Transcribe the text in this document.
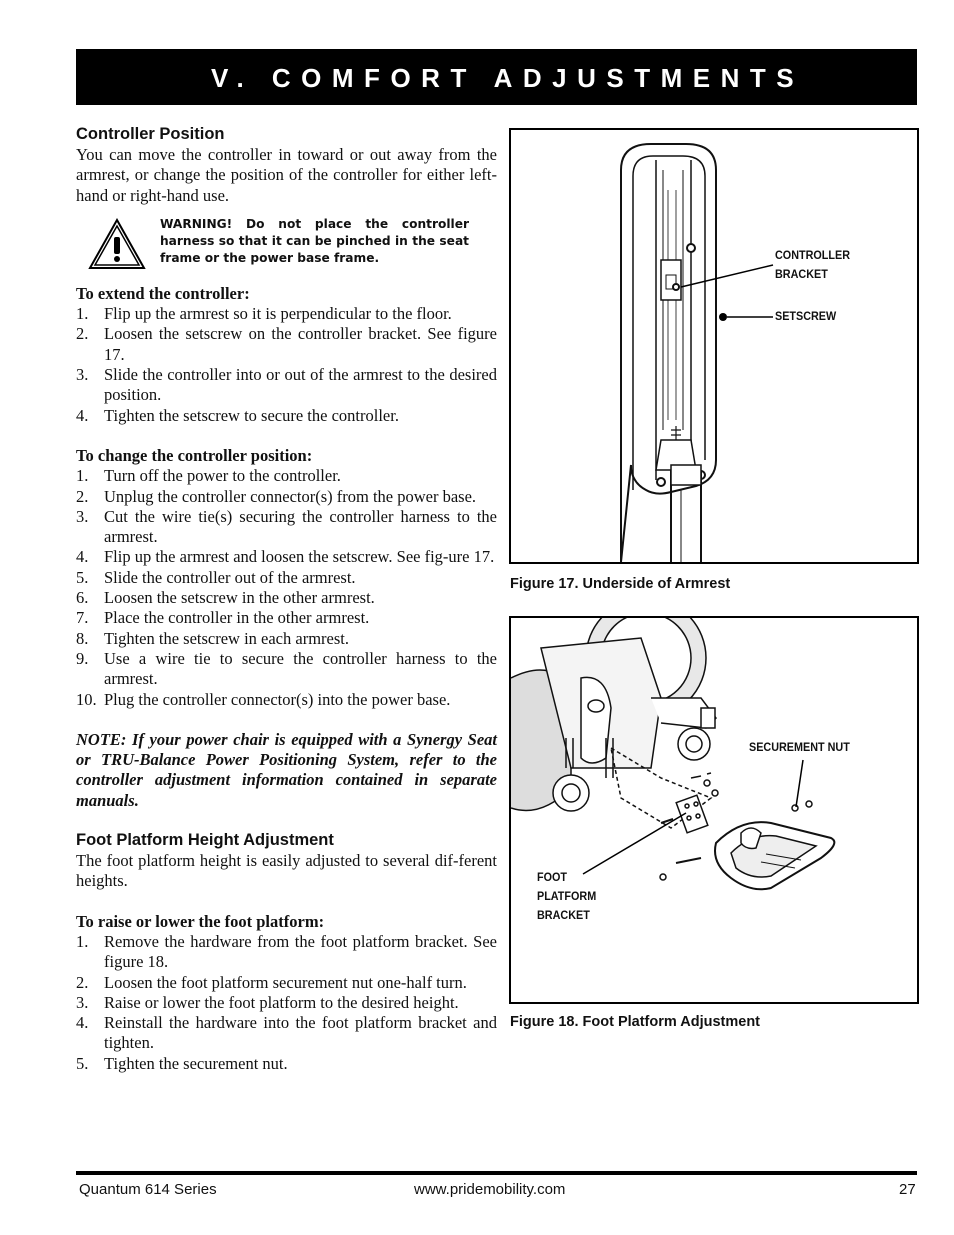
V. COMFORT ADJUSTMENTS

Controller Position

You can move the controller in toward or out away from the armrest, or change the position of the controller for either left-hand or right-hand use.

WARNING! Do not place the controller harness so that it can be pinched in the seat frame or the power base frame.

To extend the controller:

1. Flip up the armrest so it is perpendicular to the floor.
2. Loosen the setscrew on the controller bracket. See figure 17.
3. Slide the controller into or out of the armrest to the desired position.
4. Tighten the setscrew to secure the controller.

To change the controller position:

1. Turn off the power to the controller.
2. Unplug the controller connector(s) from the power base.
3. Cut the wire tie(s) securing the controller harness to the armrest.
4. Flip up the armrest and loosen the setscrew. See fig-ure 17.
5. Slide the controller out of the armrest.
6. Loosen the setscrew in the other armrest.
7. Place the controller in the other armrest.
8. Tighten the setscrew in each armrest.
9. Use a wire tie to secure the controller harness to the armrest.
10. Plug the controller connector(s) into the power base.

NOTE: If your power chair is equipped with a Synergy Seat or TRU-Balance Power Positioning System, refer to the controller adjustment information contained in separate manuals.

Foot Platform Height Adjustment

The foot platform height is easily adjusted to several dif-ferent heights.

To raise or lower the foot platform:

1. Remove the hardware from the foot platform bracket. See figure 18.
2. Loosen the foot platform securement nut one-half turn.
3. Raise or lower the foot platform to the desired height.
4. Reinstall the hardware into the foot platform bracket and tighten.
5. Tighten the securement nut.
CONTROLLER
BRACKET
SETSCREW
Figure 17. Underside of Armrest
SECUREMENT NUT
FOOT
PLATFORM
BRACKET
Figure 18. Foot Platform Adjustment
Quantum 614 Series	www.pridemobility.com	27
